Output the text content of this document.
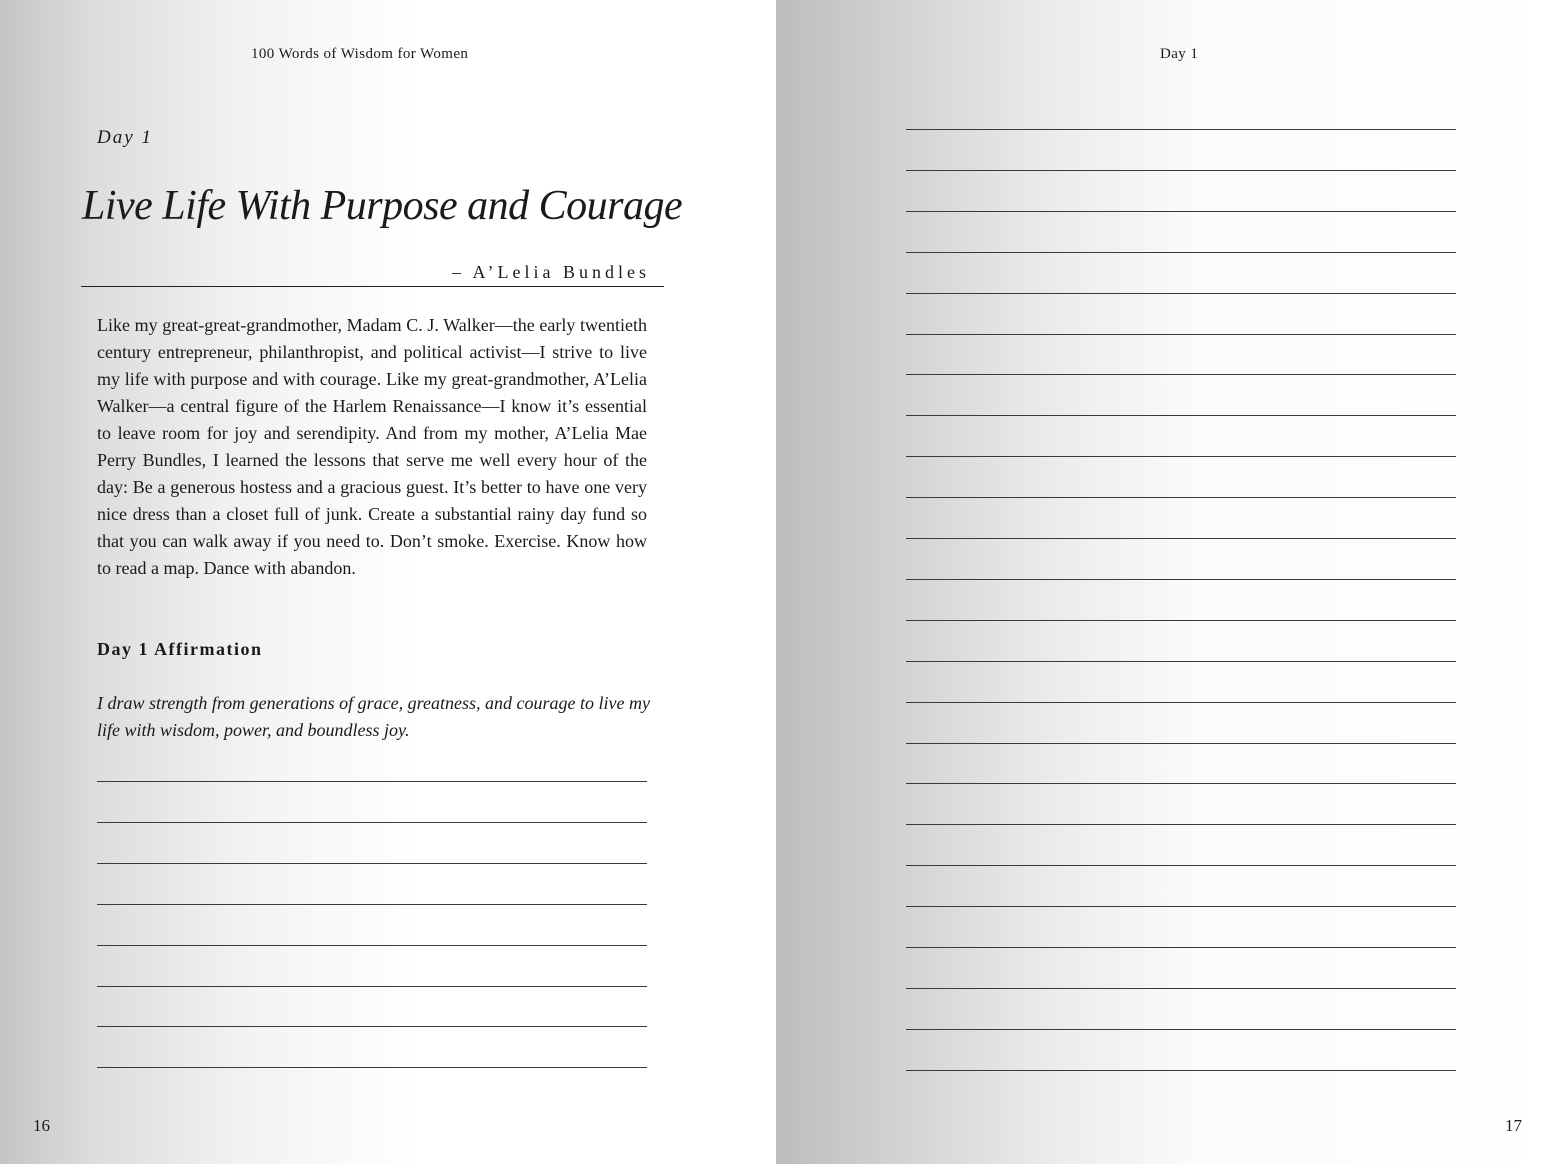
100 Words of Wisdom for Women
Day 1
Live Life With Purpose and Courage
– A’Lelia Bundles

Like my great-great-grandmother, Madam C. J. Walker—the early twentieth century entrepreneur, philanthropist, and political activist—I strive to live my life with purpose and with courage. Like my great-grandmother, A’Lelia Walker—a central figure of the Harlem Renaissance—I know it’s essential to leave room for joy and serendipity. And from my mother, A’Lelia Mae Perry Bundles, I learned the lessons that serve me well every hour of the day: Be a generous hostess and a gracious guest. It’s better to have one very nice dress than a closet full of junk. Create a substantial rainy day fund so that you can walk away if you need to. Don’t smoke. Exercise. Know how to read a map. Dance with abandon.

Day 1 Affirmation

I draw strength from generations of grace, greatness, and courage to live my life with wisdom, power, and boundless joy.

16
Day 1
17
